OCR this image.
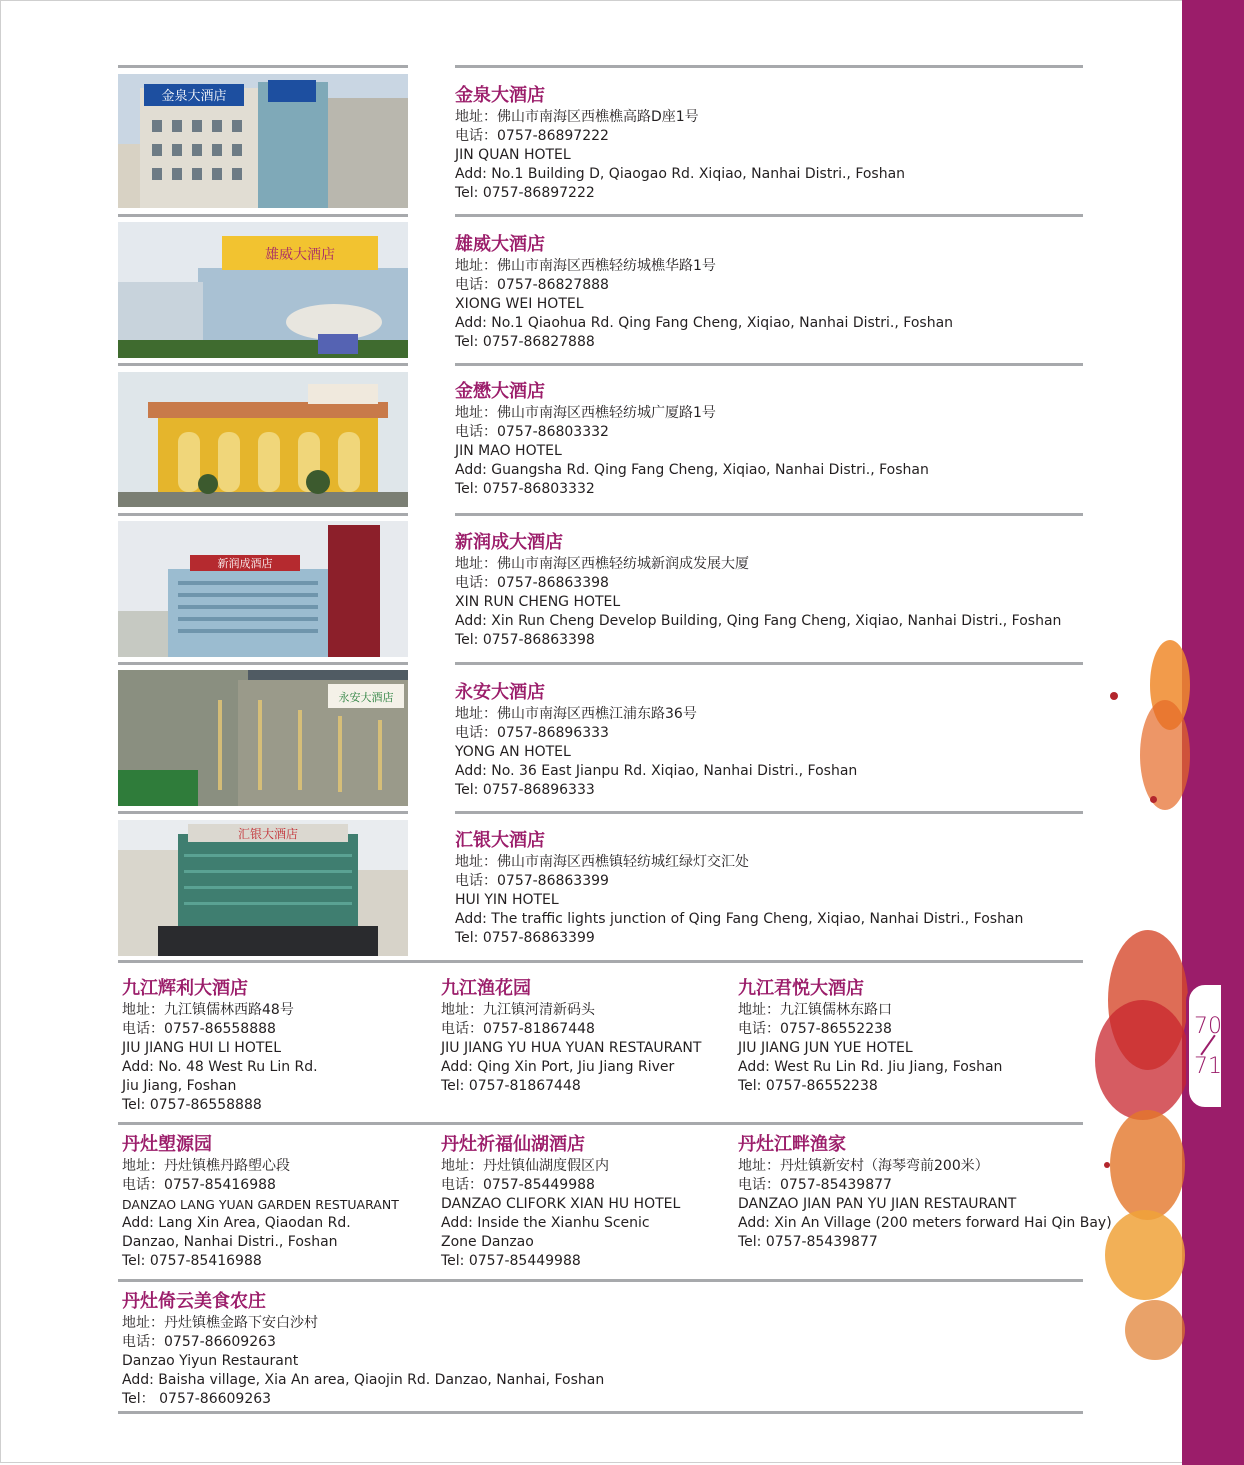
70
71
金泉大酒店
雄威大酒店
新润成酒店
永安大酒店
汇银大酒店
金泉大酒店
地址：佛山市南海区西樵樵高路D座1号
电话：0757-86897222
JIN QUAN HOTEL
Add: No.1 Building D, Qiaogao Rd. Xiqiao, Nanhai Distri., Foshan
Tel: 0757-86897222
雄威大酒店
地址：佛山市南海区西樵轻纺城樵华路1号
电话：0757-86827888
XIONG WEI HOTEL
Add: No.1 Qiaohua Rd. Qing Fang Cheng, Xiqiao, Nanhai Distri., Foshan
Tel: 0757-86827888
金懋大酒店
地址：佛山市南海区西樵轻纺城广厦路1号
电话：0757-86803332
JIN MAO HOTEL
Add: Guangsha Rd. Qing Fang Cheng, Xiqiao, Nanhai Distri., Foshan
Tel: 0757-86803332
新润成大酒店
地址：佛山市南海区西樵轻纺城新润成发展大厦
电话：0757-86863398
XIN RUN CHENG HOTEL
Add: Xin Run Cheng Develop Building, Qing Fang Cheng, Xiqiao, Nanhai Distri., Foshan
Tel: 0757-86863398
永安大酒店
地址：佛山市南海区西樵江浦东路36号
电话：0757-86896333
YONG AN HOTEL
Add: No. 36 East Jianpu Rd. Xiqiao, Nanhai Distri., Foshan
Tel: 0757-86896333
汇银大酒店
地址：佛山市南海区西樵镇轻纺城红绿灯交汇处
电话：0757-86863399
HUI YIN HOTEL
Add: The traffic lights junction of Qing Fang Cheng, Xiqiao, Nanhai Distri., Foshan
Tel: 0757-86863399
九江辉利大酒店
地址：九江镇儒林西路48号
电话：0757-86558888
JIU JIANG HUI LI HOTEL
Add: No. 48 West Ru Lin Rd.
Jiu Jiang, Foshan
Tel: 0757-86558888
九江渔花园
地址：九江镇河清新码头
电话：0757-81867448
JIU JIANG YU HUA YUAN RESTAURANT
Add: Qing Xin Port, Jiu Jiang River
Tel: 0757-81867448
九江君悦大酒店
地址：九江镇儒林东路口
电话：0757-86552238
JIU JIANG JUN YUE HOTEL
Add: West Ru Lin Rd. Jiu Jiang, Foshan
Tel: 0757-86552238
丹灶塱源园
地址：丹灶镇樵丹路塱心段
电话：0757-85416988
DANZAO LANG YUAN GARDEN RESTUARANT
Add: Lang Xin Area, Qiaodan Rd.
Danzao, Nanhai Distri., Foshan
Tel: 0757-85416988
丹灶祈福仙湖酒店
地址：丹灶镇仙湖度假区内
电话：0757-85449988
DANZAO CLIFORK XIAN HU HOTEL
Add: Inside the Xianhu Scenic
Zone Danzao
Tel: 0757-85449988
丹灶江畔渔家
地址：丹灶镇新安村（海琴弯前200米）
电话：0757-85439877
DANZAO JIAN PAN YU JIAN RESTAURANT
Add: Xin An Village (200 meters forward Hai Qin Bay)
Tel: 0757-85439877
丹灶倚云美食农庄
地址：丹灶镇樵金路下安白沙村
电话：0757-86609263
Danzao Yiyun Restaurant
Add: Baisha village, Xia An area, Qiaojin Rd. Danzao, Nanhai, Foshan
Tel： 0757-86609263
